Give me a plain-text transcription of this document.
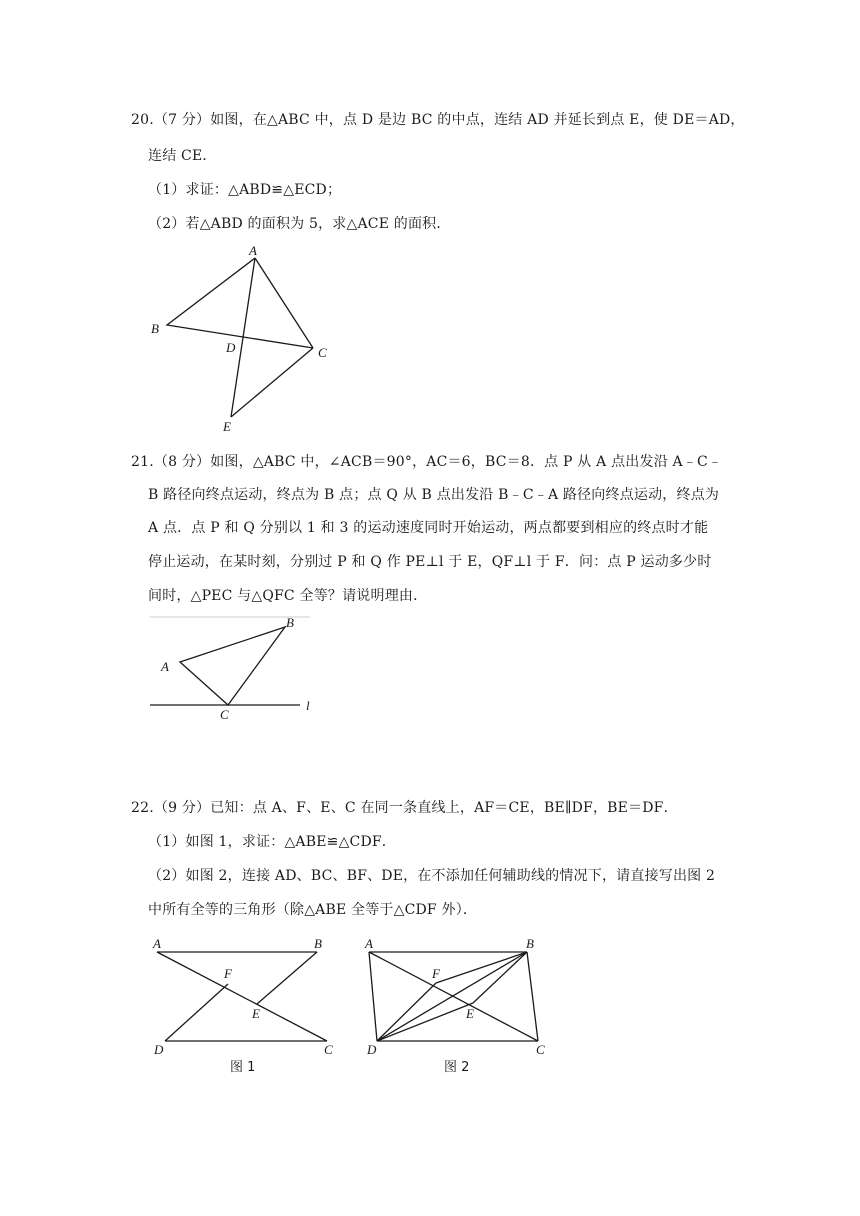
20.（7 分）如图，在△ABC 中，点 D 是边 BC 的中点，连结 AD 并延长到点 E，使 DE＝AD，
连结 CE．
（1）求证：△ABD≌△ECD；
（2）若△ABD 的面积为 5，求△ACE 的面积．
A
B
C
D
E
21.（8 分）如图，△ABC 中，∠ACB＝90°，AC＝6，BC＝8．点 P 从 A 点出发沿 A﹣C﹣
B 路径向终点运动，终点为 B 点；点 Q 从 B 点出发沿 B﹣C﹣A 路径向终点运动，终点为
A 点．点 P 和 Q 分别以 1 和 3 的运动速度同时开始运动，两点都要到相应的终点时才能
停止运动，在某时刻，分别过 P 和 Q 作 PE⊥l 于 E，QF⊥l 于 F．问：点 P 运动多少时
间时，△PEC 与△QFC 全等？请说明理由．
A
B
C
l
22.（9 分）已知：点 A、F、E、C 在同一条直线上，AF＝CE，BE∥DF，BE＝DF．
（1）如图 1，求证：△ABE≌△CDF．
（2）如图 2，连接 AD、BC、BF、DE，在不添加任何辅助线的情况下，请直接写出图 2
中所有全等的三角形（除△ABE 全等于△CDF 外）．
A	B
C
D
E
F
图 1
A	B
C
D
E
F
图 2
